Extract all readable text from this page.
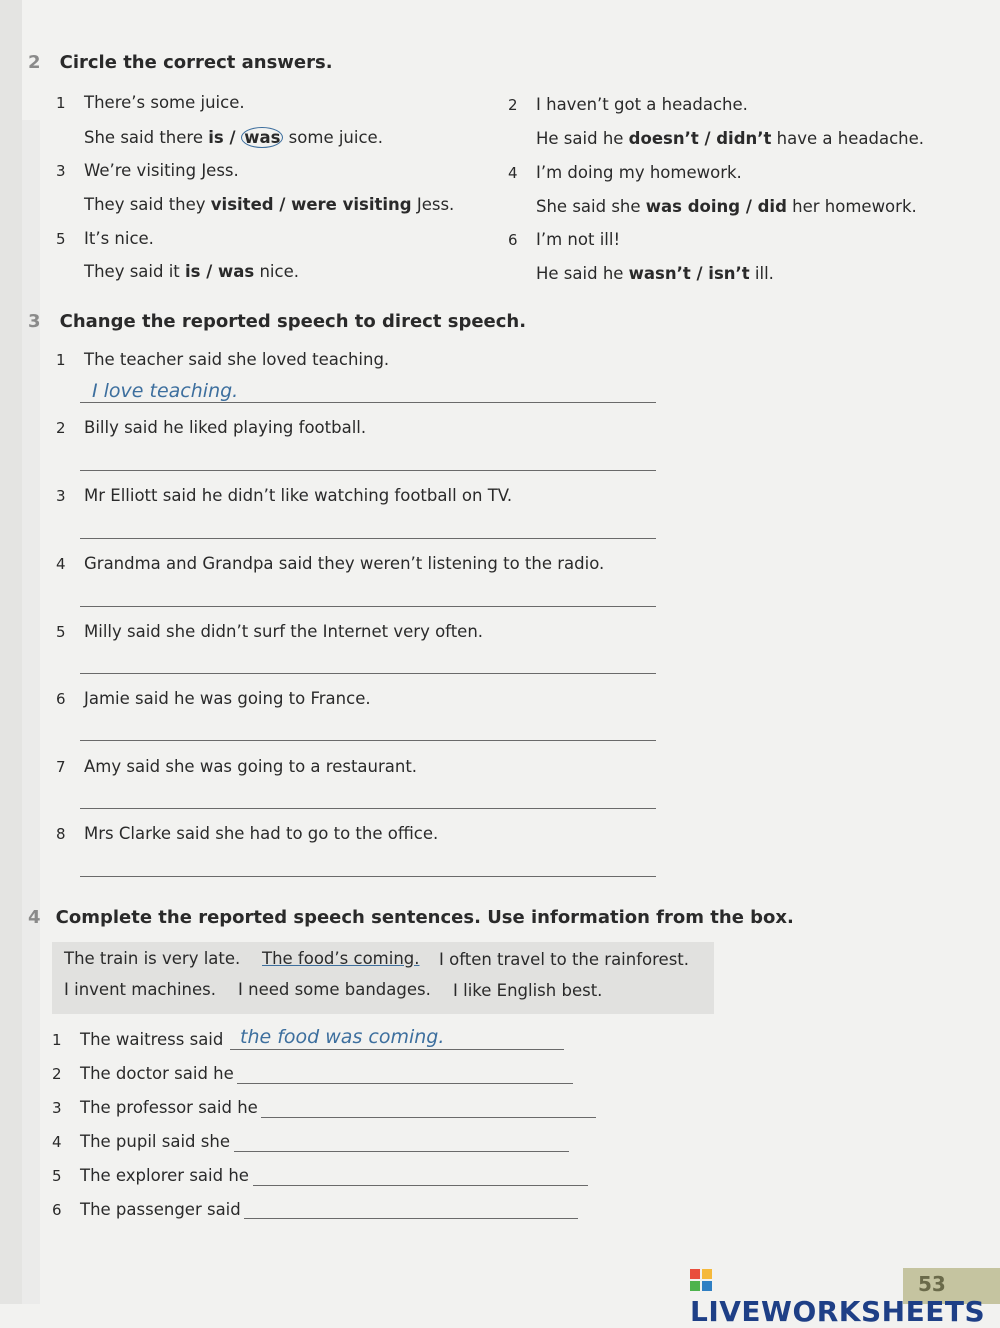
2 Circle the correct answers.
1 There’s some juice.
She said there is / was some juice.
2 I haven’t got a headache.
He said he doesn’t / didn’t have a headache.
3 We’re visiting Jess.
They said they visited / were visiting Jess.
4 I’m doing my homework.
She said she was doing / did her homework.
5 It’s nice.
They said it is / was nice.
6 I’m not ill!
He said he wasn’t / isn’t ill.
3 Change the reported speech to direct speech.
1 The teacher said she loved teaching.
I love teaching.
2 Billy said he liked playing football.
3 Mr Elliott said he didn’t like watching football on TV.
4 Grandma and Grandpa said they weren’t listening to the radio.
5 Milly said she didn’t surf the Internet very often.
6 Jamie said he was going to France.
7 Amy said she was going to a restaurant.
8 Mrs Clarke said she had to go to the office.
4 Complete the reported speech sentences. Use information from the box.
The train is very late. The food’s coming. I often travel to the rainforest.
I invent machines. I need some bandages. I like English best.
1 The waitress said the food was coming.
2 The doctor said he
3 The professor said he
4 The pupil said she
5 The explorer said he
6 The passenger said
53
LIVEWORKSHEETS
